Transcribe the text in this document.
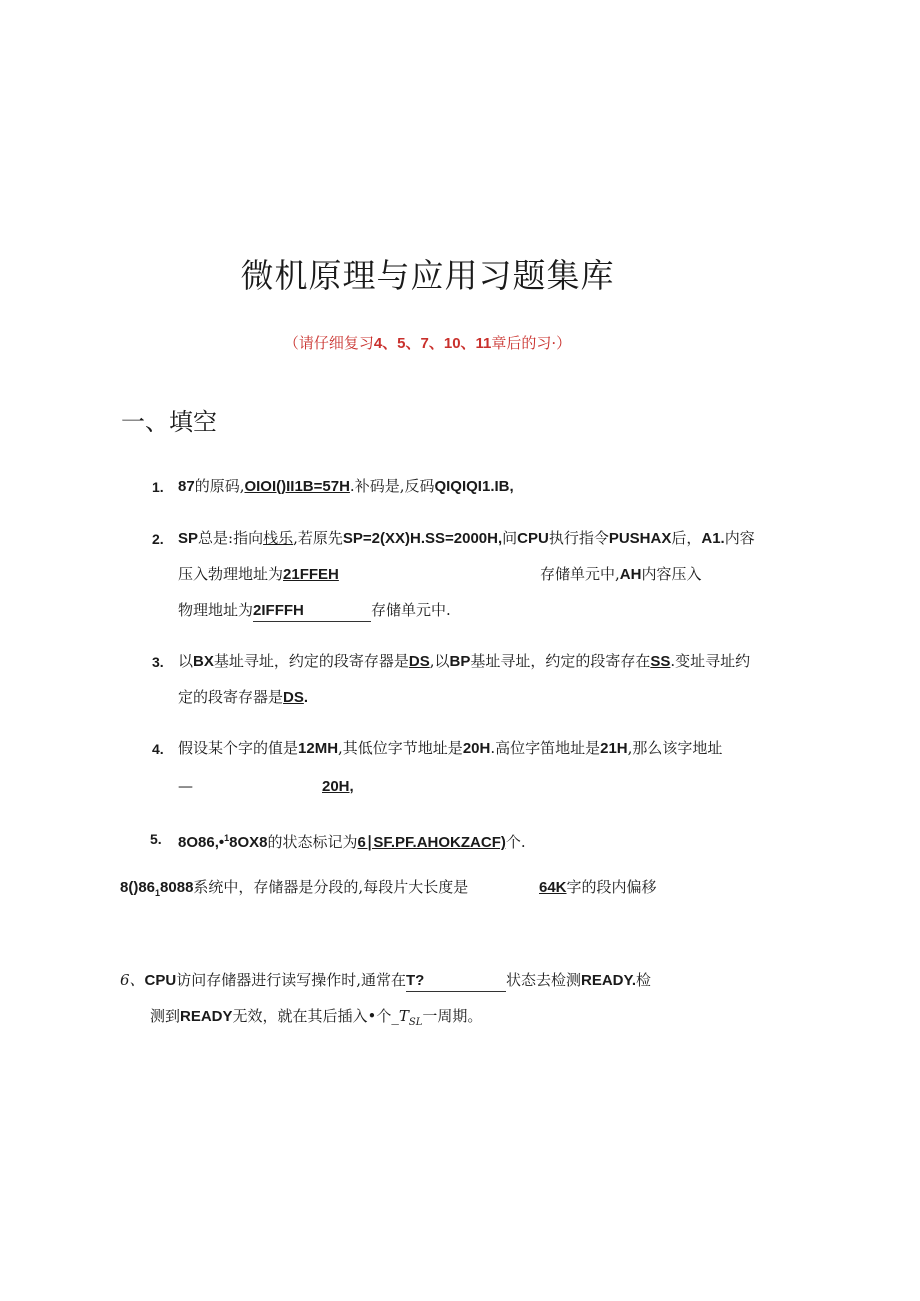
微机原理与应用习题集库
（请仔细复习4、5、7、10、11章后的习·）
一、填空
1. 87的原码,OIOI()II1B=57H.补码是,反码QIQIQI1.IB,
2. SP总是:指向栈乐,若原先SP=2(XX)H.SS=2000H,问CPU执行指令PUSHAX后，A1.内容
压入勃理地址为21FFEH	存储单元中,AH内容压入
物理地址为2IFFFH	存储单元中.
3. 以BX基址寻址，约定的段寄存器是DS,以BP基址寻址，约定的段寄存在SS.变址寻址约
定的段寄存器是DS.
4. 假设某个字的值是12MH,其低位字节地址是20H.高位字笛地址是21H,那么该字地址
—	20H,
5. 8O86,•$^1$8OX8的状态标记为6∣SF.PF.AHOKZACF)个.
$8()86_18088$系统中，存储器是分段的,每段片大长度是	64K字的段内偏移
6、CPU访问存储器进行读写操作时,通常在T?	状态去检测READY.检
测到READY无效，就在其后插入•个$\_T_{SL}$一周期。
